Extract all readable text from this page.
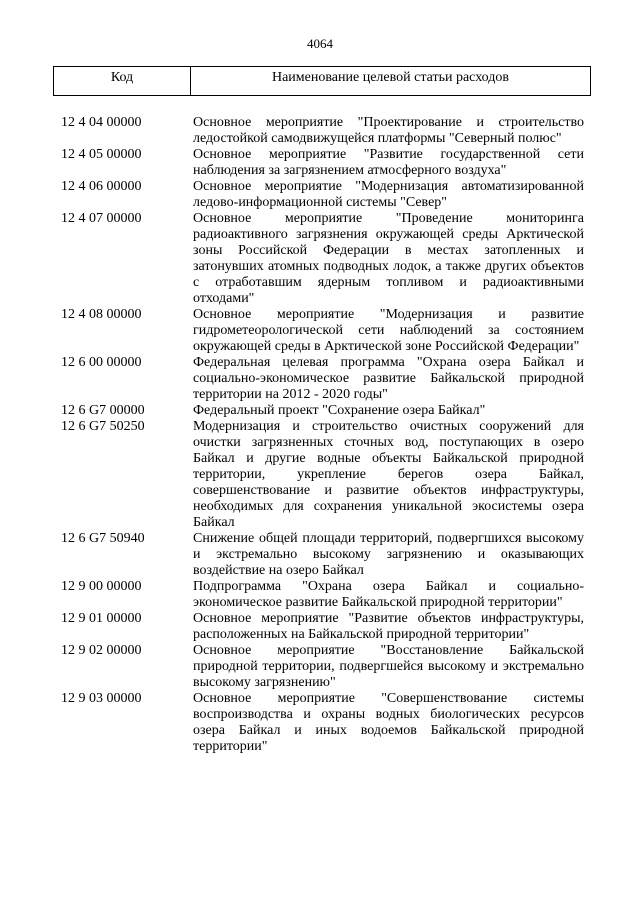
4064
Код	Наименование целевой статьи расходов
12 4 04 00000	Основное мероприятие "Проектирование и строительство ледостойкой самодвижущейся платформы "Северный полюс"
12 4 05 00000	Основное мероприятие "Развитие государственной сети наблюдения за загрязнением атмосферного воздуха"
12 4 06 00000	Основное мероприятие "Модернизация автоматизированной ледово-информационной системы "Север"
12 4 07 00000	Основное мероприятие "Проведение мониторинга радиоактивного загрязнения окружающей среды Арктической зоны Российской Федерации в местах затопленных и затонувших атомных подводных лодок, а также других объектов с отработавшим ядерным топливом и радиоактивными отходами"
12 4 08 00000	Основное мероприятие "Модернизация и развитие гидрометеорологической сети наблюдений за состоянием окружающей среды в Арктической зоне Российской Федерации"
12 6 00 00000	Федеральная целевая программа "Охрана озера Байкал и социально-экономическое развитие Байкальской природной территории на 2012 - 2020 годы"
12 6 G7 00000	Федеральный проект "Сохранение озера Байкал"
12 6 G7 50250	Модернизация и строительство очистных сооружений для очистки загрязненных сточных вод, поступающих в озеро Байкал и другие водные объекты Байкальской природной территории, укрепление берегов озера Байкал, совершенствование и развитие объектов инфраструктуры, необходимых для сохранения уникальной экосистемы озера Байкал
12 6 G7 50940	Снижение общей площади территорий, подвергшихся высокому и экстремально высокому загрязнению и оказывающих воздействие на озеро Байкал
12 9 00 00000	Подпрограмма "Охрана озера Байкал и социально-экономическое развитие Байкальской природной территории"
12 9 01 00000	Основное мероприятие "Развитие объектов инфраструктуры, расположенных на Байкальской природной территории"
12 9 02 00000	Основное мероприятие "Восстановление Байкальской природной территории, подвергшейся высокому и экстремально высокому загрязнению"
12 9 03 00000	Основное мероприятие "Совершенствование системы воспроизводства и охраны водных биологических ресурсов озера Байкал и иных водоемов Байкальской природной территории"
